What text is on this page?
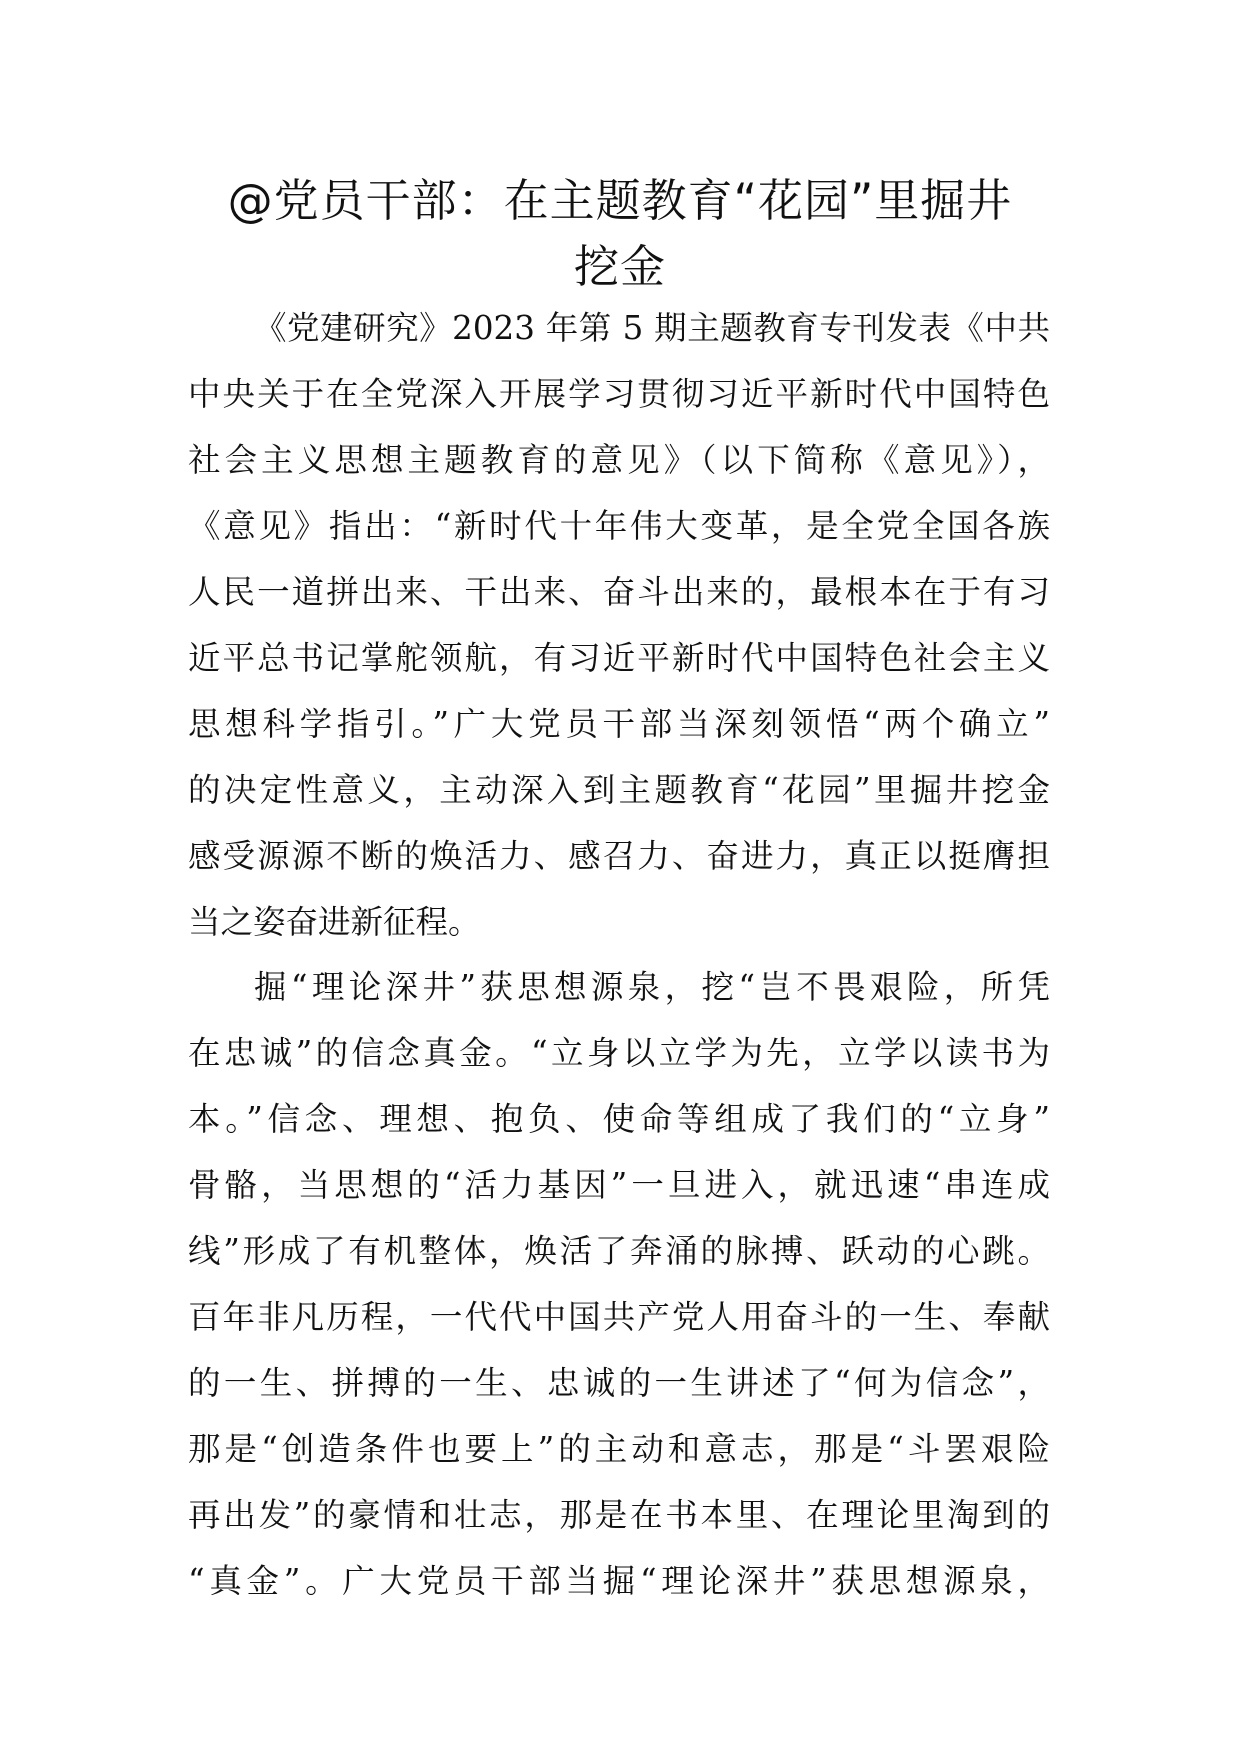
@党员干部：在主题教育“花园”里掘井
挖金
《党建研究》2023 年第 5 期主题教育专刊发表《中共
中央关于在全党深入开展学习贯彻习近平新时代中国特色
社会主义思想主题教育的意见》（以下简称《意见》），
《意见》指出：“新时代十年伟大变革，是全党全国各族
人民一道拼出来、干出来、奋斗出来的，最根本在于有习
近平总书记掌舵领航，有习近平新时代中国特色社会主义
思想科学指引。”广大党员干部当深刻领悟“两个确立”
的决定性意义，主动深入到主题教育“花园”里掘井挖金
感受源源不断的焕活力、感召力、奋进力，真正以挺膺担
当之姿奋进新征程。
掘“理论深井”获思想源泉，挖“岂不畏艰险，所凭
在忠诚”的信念真金。“立身以立学为先，立学以读书为
本。”信念、理想、抱负、使命等组成了我们的“立身”
骨骼，当思想的“活力基因”一旦进入，就迅速“串连成
线”形成了有机整体，焕活了奔涌的脉搏、跃动的心跳。
百年非凡历程，一代代中国共产党人用奋斗的一生、奉献
的一生、拼搏的一生、忠诚的一生讲述了“何为信念”，
那是“创造条件也要上”的主动和意志，那是“斗罢艰险
再出发”的豪情和壮志，那是在书本里、在理论里淘到的
“真金”。广大党员干部当掘“理论深井”获思想源泉，
